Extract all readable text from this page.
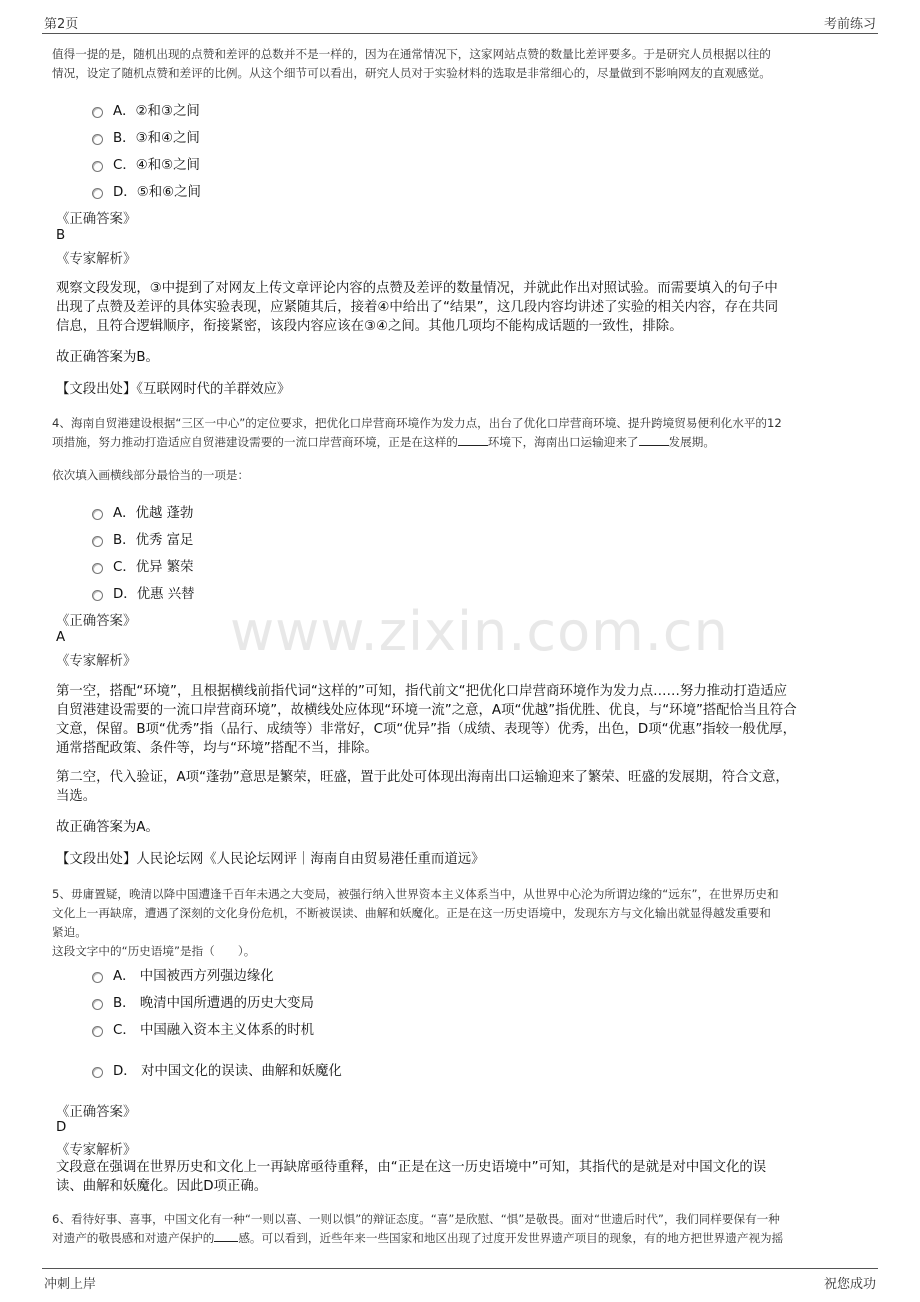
第2页	考前练习
www.zixin.com.cn
值得一提的是，随机出现的点赞和差评的总数并不是一样的，因为在通常情况下，这家网站点赞的数量比差评要多。于是研究人员根据以往的
情况，设定了随机点赞和差评的比例。从这个细节可以看出，研究人员对于实验材料的选取是非常细心的，尽量做到不影响网友的直观感觉。
A．②和③之间
B．③和④之间
C．④和⑤之间
D．⑤和⑥之间
《正确答案》
B
《专家解析》
观察文段发现，③中提到了对网友上传文章评论内容的点赞及差评的数量情况，并就此作出对照试验。而需要填入的句子中
出现了点赞及差评的具体实验表现，应紧随其后，接着④中给出了“结果”，这几段内容均讲述了实验的相关内容，存在共同
信息，且符合逻辑顺序，衔接紧密，该段内容应该在③④之间。其他几项均不能构成话题的一致性，排除。
故正确答案为B。
【文段出处】《互联网时代的羊群效应》
4、海南自贸港建设根据“三区一中心”的定位要求，把优化口岸营商环境作为发力点，出台了优化口岸营商环境、提升跨境贸易便利化水平的12
项措施，努力推动打造适应自贸港建设需要的一流口岸营商环境，正是在这样的	环境下，海南出口运输迎来了	发展期。
依次填入画横线部分最恰当的一项是：
A．优越 蓬勃
B．优秀 富足
C．优异 繁荣
D．优惠 兴替
《正确答案》
A
《专家解析》
第一空，搭配“环境”，且根据横线前指代词“这样的”可知，指代前文“把优化口岸营商环境作为发力点……努力推动打造适应
自贸港建设需要的一流口岸营商环境”，故横线处应体现“环境一流”之意，A项“优越”指优胜、优良，与“环境”搭配恰当且符合
文意，保留。B项“优秀”指（品行、成绩等）非常好，C项“优异”指（成绩、表现等）优秀，出色，D项“优惠”指较一般优厚，
通常搭配政策、条件等，均与“环境”搭配不当，排除。
第二空，代入验证，A项“蓬勃”意思是繁荣，旺盛，置于此处可体现出海南出口运输迎来了繁荣、旺盛的发展期，符合文意，
当选。
故正确答案为A。
【文段出处】人民论坛网《人民论坛网评｜海南自由贸易港任重而道远》
5、毋庸置疑，晚清以降中国遭逢千百年未遇之大变局，被强行纳入世界资本主义体系当中，从世界中心沦为所谓边缘的“远东”，在世界历史和
文化上一再缺席，遭遇了深刻的文化身份危机，不断被误读、曲解和妖魔化。正是在这一历史语境中，发现东方与文化输出就显得越发重要和
紧迫。
这段文字中的“历史语境”是指（　　）。
A． 中国被西方列强边缘化
B． 晚清中国所遭遇的历史大变局
C． 中国融入资本主义体系的时机
D． 对中国文化的误读、曲解和妖魔化
《正确答案》
D
《专家解析》
文段意在强调在世界历史和文化上一再缺席亟待重释，由“正是在这一历史语境中”可知，其指代的是就是对中国文化的误
读、曲解和妖魔化。因此D项正确。
6、看待好事、喜事，中国文化有一种“一则以喜、一则以惧”的辩证态度。“喜”是欣慰、“惧”是敬畏。面对“世遗后时代”，我们同样要保有一种
对遗产的敬畏感和对遗产保护的 感。可以看到，近些年来一些国家和地区出现了过度开发世界遗产项目的现象，有的地方把世界遗产视为摇
冲刺上岸	祝您成功
